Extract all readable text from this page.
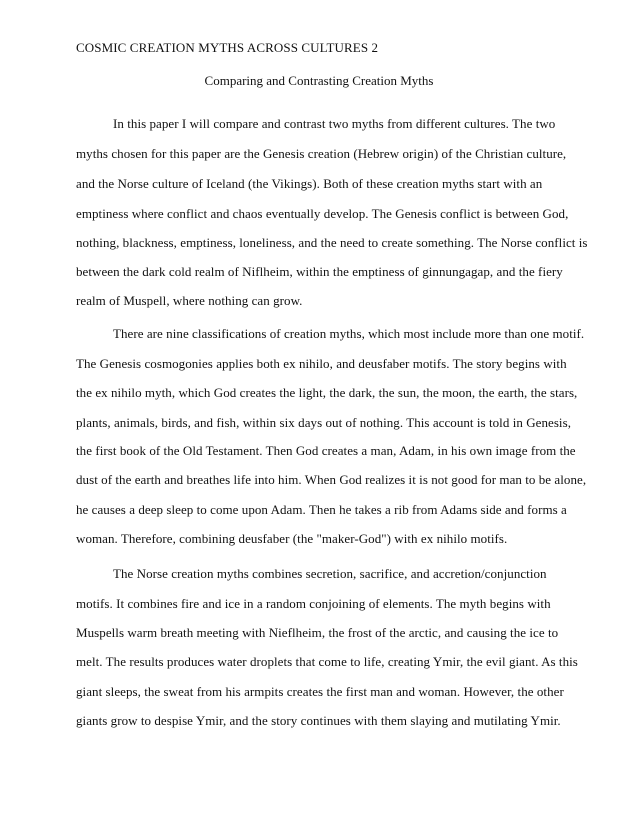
COSMIC CREATION MYTHS ACROSS CULTURES 2
Comparing and Contrasting Creation Myths
In this paper I will compare and contrast two myths from different cultures. The two
myths chosen for this paper are the Genesis creation (Hebrew origin) of the Christian culture,
and the Norse culture of Iceland (the Vikings). Both of these creation myths start with an
emptiness where conflict and chaos eventually develop. The Genesis conflict is between God,
nothing, blackness, emptiness, loneliness, and the need to create something. The Norse conflict is
between the dark cold realm of Niflheim, within the emptiness of ginnungagap, and the fiery
realm of Muspell, where nothing can grow.
There are nine classifications of creation myths, which most include more than one motif.
The Genesis cosmogonies applies both ex nihilo, and deusfaber motifs. The story begins with
the ex nihilo myth, which God creates the light, the dark, the sun, the moon, the earth, the stars,
plants, animals, birds, and fish, within six days out of nothing. This account is told in Genesis,
the first book of the Old Testament. Then God creates a man, Adam, in his own image from the
dust of the earth and breathes life into him. When God realizes it is not good for man to be alone,
he causes a deep sleep to come upon Adam. Then he takes a rib from Adams side and forms a
woman. Therefore, combining deusfaber (the "maker-God") with ex nihilo motifs.
The Norse creation myths combines secretion, sacrifice, and accretion/conjunction
motifs. It combines fire and ice in a random conjoining of elements. The myth begins with
Muspells warm breath meeting with Nieflheim, the frost of the arctic, and causing the ice to
melt. The results produces water droplets that come to life, creating Ymir, the evil giant. As this
giant sleeps, the sweat from his armpits creates the first man and woman. However, the other
giants grow to despise Ymir, and the story continues with them slaying and mutilating Ymir.
